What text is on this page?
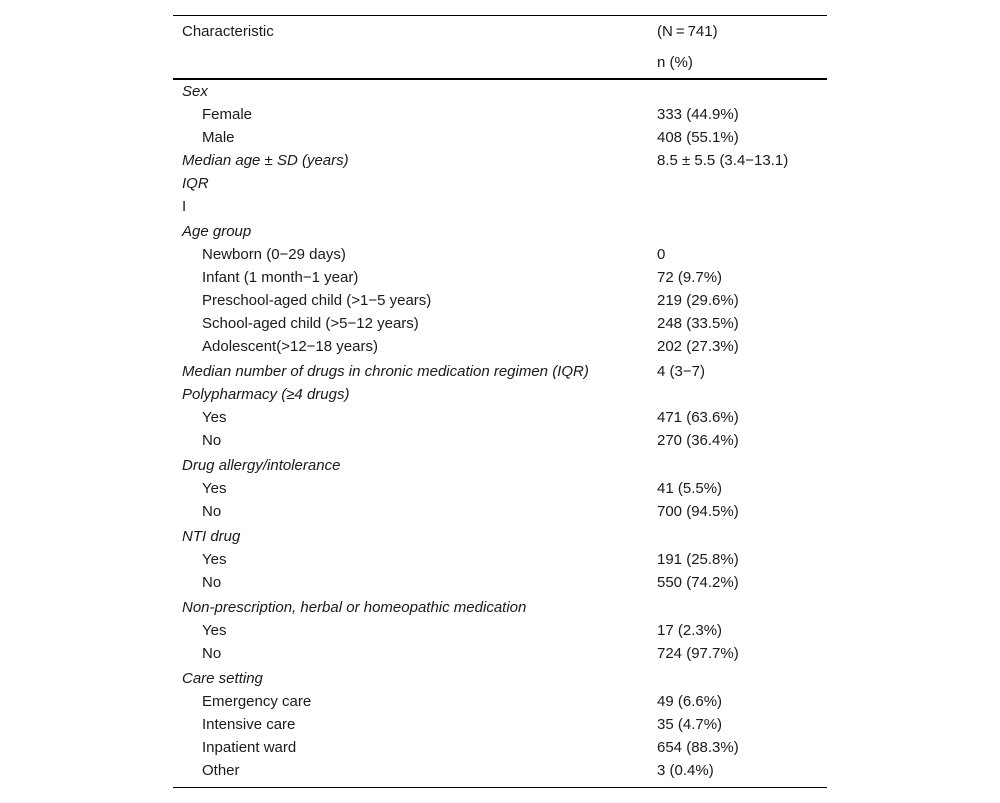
Characteristic	(N = 741)
n (%)
Sex
Female	333 (44.9%)
Male	408 (55.1%)
Median age ± SD (years)	8.5 ± 5.5 (3.4−13.1)
IQR
I
Age group
Newborn (0−29 days)	0
Infant (1 month−1 year)	72 (9.7%)
Preschool-aged child (>1−5 years)	219 (29.6%)
School-aged child (>5−12 years)	248 (33.5%)
Adolescent(>12−18 years)	202 (27.3%)
Median number of drugs in chronic medication regimen (IQR)	4 (3−7)
Polypharmacy (≥4 drugs)
Yes	471 (63.6%)
No	270 (36.4%)
Drug allergy/intolerance
Yes	41 (5.5%)
No	700 (94.5%)
NTI drug
Yes	191 (25.8%)
No	550 (74.2%)
Non-prescription, herbal or homeopathic medication
Yes	17 (2.3%)
No	724 (97.7%)
Care setting
Emergency care	49 (6.6%)
Intensive care	35 (4.7%)
Inpatient ward	654 (88.3%)
Other	3 (0.4%)
